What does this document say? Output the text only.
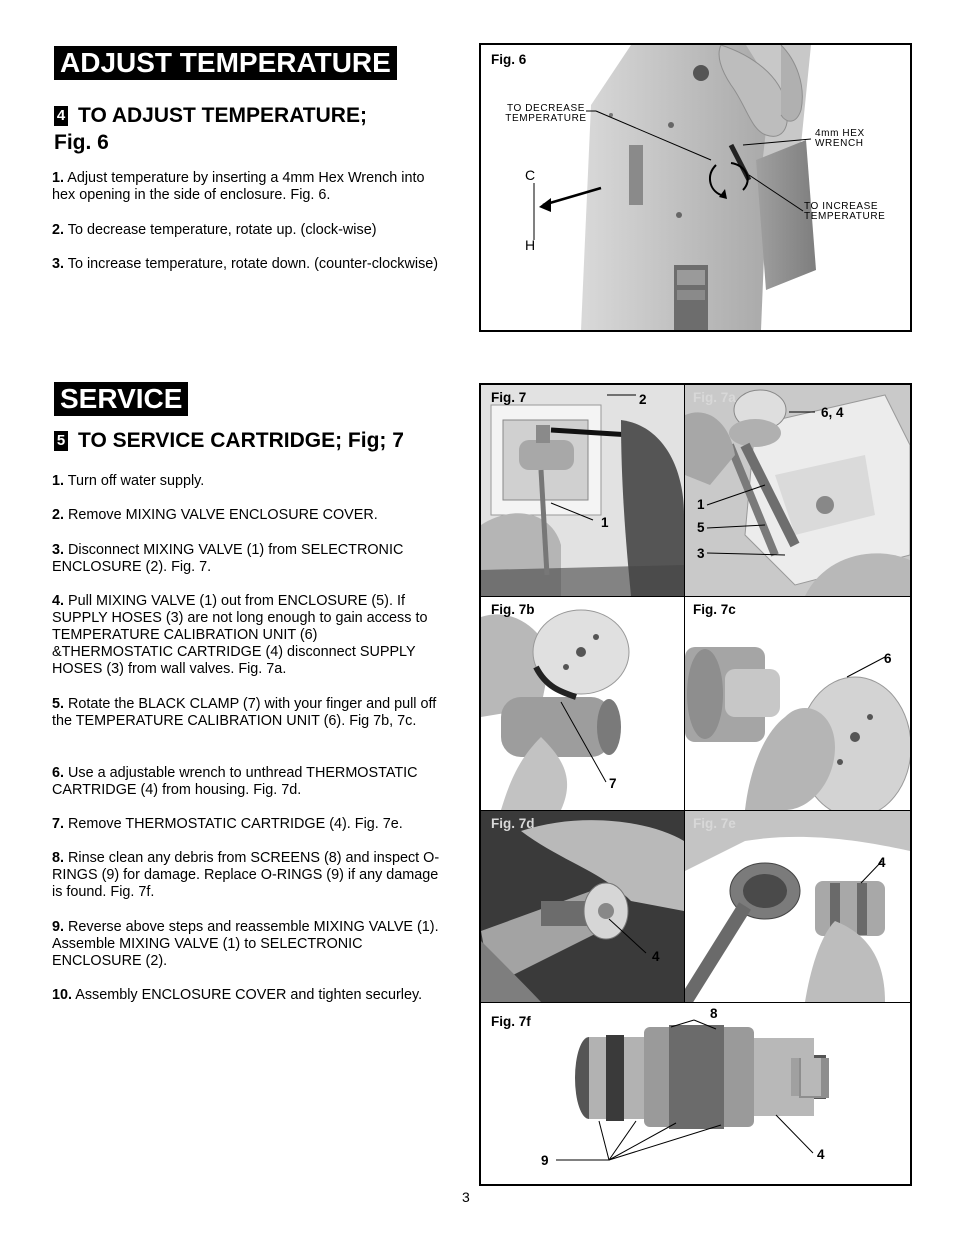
ADJUST TEMPERATURE
4 TO ADJUST TEMPERATURE;
Fig. 6
1. Adjust temperature by inserting a 4mm Hex Wrench into hex opening in the side of enclosure. Fig. 6.
2. To decrease temperature, rotate up. (clock-wise)
3. To increase temperature, rotate down. (counter-clockwise)
Fig. 6
TO DECREASE
TEMPERATURE
4mm HEX
WRENCH
TO INCREASE
TEMPERATURE
C
H
SERVICE
5 TO SERVICE CARTRIDGE; Fig; 7
1. Turn off water supply.
2. Remove MIXING VALVE ENCLOSURE COVER.
3. Disconnect MIXING VALVE (1) from SELECTRONIC ENCLOSURE (2). Fig. 7.
4. Pull MIXING VALVE (1) out from ENCLOSURE (5). If SUPPLY HOSES (3) are not long enough to gain access to TEMPERATURE CALIBRATION UNIT (6) &THERMOSTATIC CARTRIDGE (4) disconnect SUPPLY HOSES (3) from wall valves. Fig. 7a.
5. Rotate the BLACK CLAMP (7) with your finger and pull off the TEMPERATURE CALIBRATION UNIT (6). Fig 7b, 7c.
6. Use a adjustable wrench to unthread THERMOSTATIC CARTRIDGE (4) from housing. Fig. 7d.
7. Remove THERMOSTATIC CARTRIDGE (4). Fig. 7e.
8. Rinse clean any debris from SCREENS (8) and inspect O-RINGS (9) for damage. Replace O-RINGS (9) if any damage is found. Fig. 7f.
9. Reverse above steps and reassemble MIXING VALVE (1). Assemble MIXING VALVE (1) to SELECTRONIC ENCLOSURE (2).
10. Assembly ENCLOSURE COVER and tighten securley.
Fig. 7	2
1
Fig. 7a
6, 4
1
5
3
Fig. 7b
7
Fig. 7c
6
Fig. 7d
4
Fig. 7e
4
Fig. 7f
8
9	4
3
